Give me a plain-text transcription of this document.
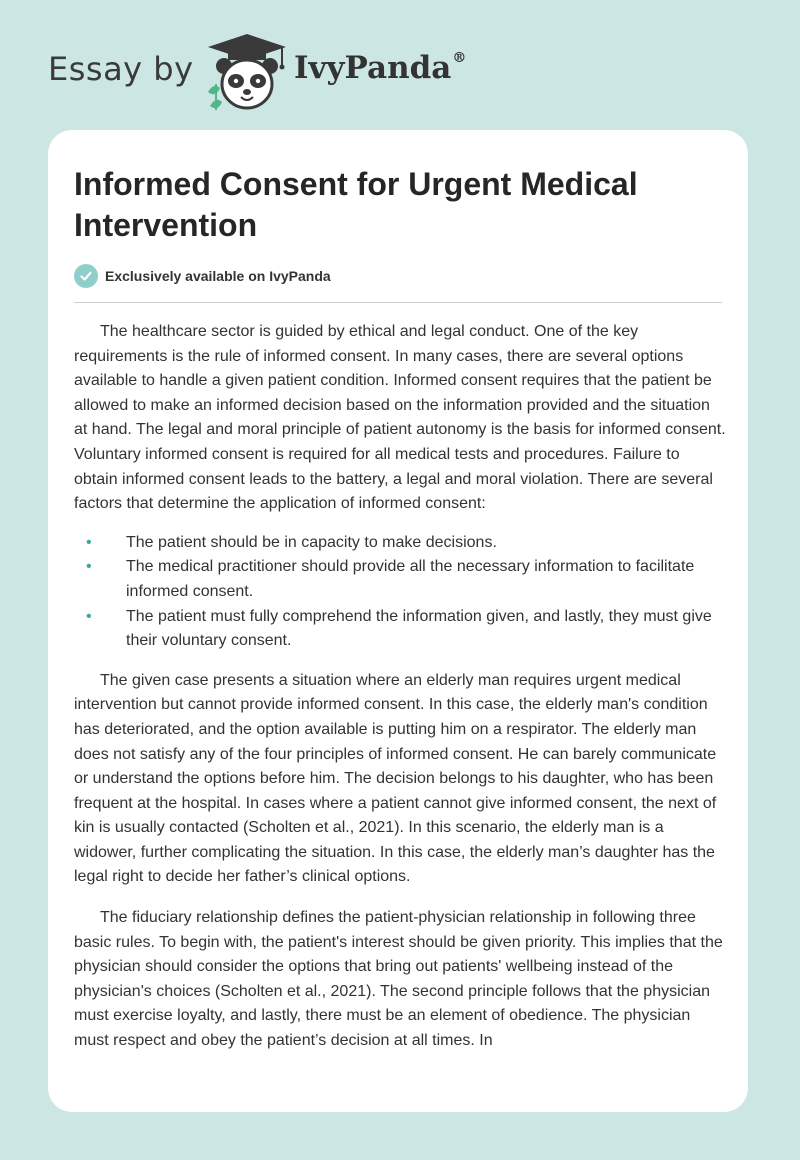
Essay by	IvyPanda®
Informed Consent for Urgent Medical Intervention
Exclusively available on IvyPanda

The healthcare sector is guided by ethical and legal conduct. One of the key requirements is the rule of informed consent. In many cases, there are several options available to handle a given patient condition. Informed consent requires that the patient be allowed to make an informed decision based on the information provided and the situation at hand. The legal and moral principle of patient autonomy is the basis for informed consent. Voluntary informed consent is required for all medical tests and procedures. Failure to obtain informed consent leads to the battery, a legal and moral violation. There are several factors that determine the application of informed consent:

• The patient should be in capacity to make decisions.
• The medical practitioner should provide all the necessary information to facilitate informed consent.
• The patient must fully comprehend the information given, and lastly, they must give their voluntary consent.

The given case presents a situation where an elderly man requires urgent medical intervention but cannot provide informed consent. In this case, the elderly man's condition has deteriorated, and the option available is putting him on a respirator. The elderly man does not satisfy any of the four principles of informed consent. He can barely communicate or understand the options before him. The decision belongs to his daughter, who has been frequent at the hospital. In cases where a patient cannot give informed consent, the next of kin is usually contacted (Scholten et al., 2021). In this scenario, the elderly man is a widower, further complicating the situation. In this case, the elderly man’s daughter has the legal right to decide her father’s clinical options.

The fiduciary relationship defines the patient-physician relationship in following three basic rules. To begin with, the patient's interest should be given priority. This implies that the physician should consider the options that bring out patients' wellbeing instead of the physician's choices (Scholten et al., 2021). The second principle follows that the physician must exercise loyalty, and lastly, there must be an element of obedience. The physician must respect and obey the patient’s decision at all times. In
